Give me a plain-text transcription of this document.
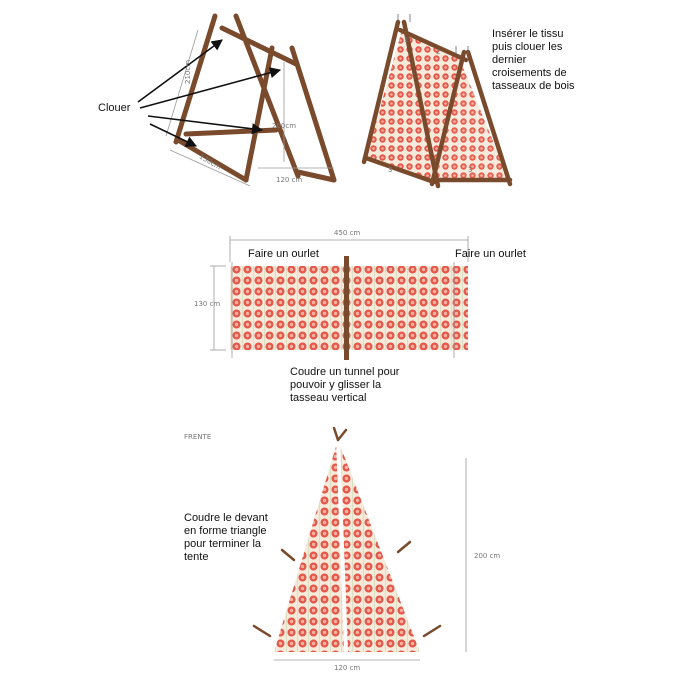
Clouer
Insérer le tissu
puis clouer les
dernier
croisements de
tasseaux de bois
Faire un ourlet	Faire un ourlet
Coudre un tunnel pour
pouvoir y glisser la
tasseau vertical
Coudre le devant
en forme triangle
pour terminer la
tente
210cm
200cm
130cm
120 cm
450 cm
130 cm
200 cm
120 cm
FRENTE
1
2
3	3
